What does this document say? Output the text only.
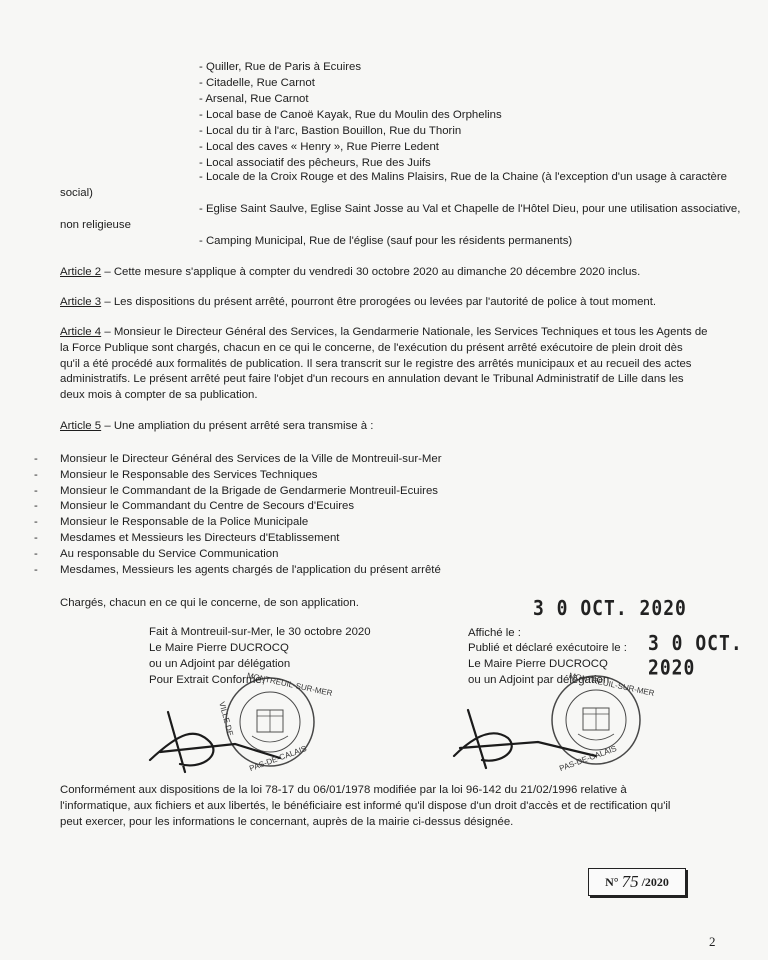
- Quiller, Rue de Paris à Ecuires
- Citadelle, Rue Carnot
- Arsenal, Rue Carnot
- Local base de Canoë Kayak, Rue du Moulin des Orphelins
- Local du tir à l'arc, Bastion Bouillon, Rue du Thorin
- Local des caves « Henry », Rue Pierre Ledent
- Local associatif des pêcheurs, Rue des Juifs
- Locale de la Croix Rouge et des Malins Plaisirs, Rue de la Chaine (à l'exception d'un usage à caractère
social)
- Eglise Saint Saulve, Eglise Saint Josse au Val et Chapelle de l'Hôtel Dieu, pour une utilisation associative,
non religieuse
- Camping Municipal, Rue de l'église (sauf pour les résidents permanents)
Article 2 – Cette mesure s'applique à compter du vendredi 30 octobre 2020 au dimanche 20 décembre 2020 inclus.
Article 3 – Les dispositions du présent arrêté, pourront être prorogées ou levées par l'autorité de police à tout moment.
Article 4 – Monsieur le Directeur Général des Services, la Gendarmerie Nationale, les Services Techniques et tous les Agents de
la Force Publique sont chargés, chacun en ce qui le concerne, de l'exécution du présent arrêté exécutoire de plein droit dès
qu'il a été procédé aux formalités de publication. Il sera transcrit sur le registre des arrêtés municipaux et au recueil des actes
administratifs. Le présent arrêté peut faire l'objet d'un recours en annulation devant le Tribunal Administratif de Lille dans les
deux mois à compter de sa publication.
Article 5 – Une ampliation du présent arrêté sera transmise à :
- Monsieur le Directeur Général des Services de la Ville de Montreuil-sur-Mer
- Monsieur le Responsable des Services Techniques
- Monsieur le Commandant de la Brigade de Gendarmerie Montreuil-Ecuires
- Monsieur le Commandant du Centre de Secours d'Ecuires
- Monsieur le Responsable de la Police Municipale
- Mesdames et Messieurs les Directeurs d'Etablissement
- Au responsable du Service Communication
- Mesdames, Messieurs les agents chargés de l'application du présent arrêté
Chargés, chacun en ce qui le concerne, de son application.	3 0 OCT. 2020
3 0 OCT. 2020
Fait à Montreuil-sur-Mer, le 30 octobre 2020
Le Maire Pierre DUCROCQ
ou un Adjoint par délégation
Pour Extrait Conforme,
Affiché le :
Publié et déclaré exécutoire le :
Le Maire Pierre DUCROCQ
ou un Adjoint par délégation
MONTREUIL-SUR-MER
VILLE DE
PAS-DE-CALAIS
MONTREUIL-SUR-MER
PAS-DE-CALAIS
Conformément aux dispositions de la loi 78-17 du 06/01/1978 modifiée par la loi 96-142 du 21/02/1996 relative à
l'informatique, aux fichiers et aux libertés, le bénéficiaire est informé qu'il dispose d'un droit d'accès et de rectification qu'il
peut exercer, pour les informations le concernant, auprès de la mairie ci-dessus désignée.
N° 75 /2020
2
